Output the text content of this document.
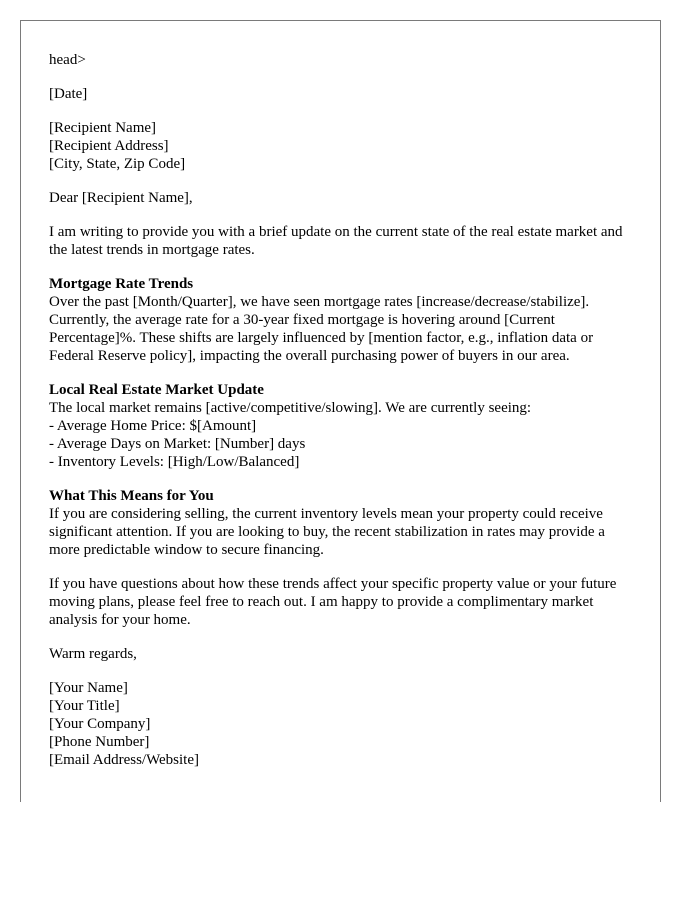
head>

[Date]

[Recipient Name]
[Recipient Address]
[City, State, Zip Code]

Dear [Recipient Name],

I am writing to provide you with a brief update on the current state of the real estate market and the latest trends in mortgage rates.

Mortgage Rate Trends
Over the past [Month/Quarter], we have seen mortgage rates [increase/decrease/stabilize]. Currently, the average rate for a 30-year fixed mortgage is hovering around [Current Percentage]%. These shifts are largely influenced by [mention factor, e.g., inflation data or Federal Reserve policy], impacting the overall purchasing power of buyers in our area.

Local Real Estate Market Update
The local market remains [active/competitive/slowing]. We are currently seeing:
- Average Home Price: $[Amount]
- Average Days on Market: [Number] days
- Inventory Levels: [High/Low/Balanced]

What This Means for You
If you are considering selling, the current inventory levels mean your property could receive significant attention. If you are looking to buy, the recent stabilization in rates may provide a more predictable window to secure financing.

If you have questions about how these trends affect your specific property value or your future moving plans, please feel free to reach out. I am happy to provide a complimentary market analysis for your home.

Warm regards,

[Your Name]
[Your Title]
[Your Company]
[Phone Number]
[Email Address/Website]
